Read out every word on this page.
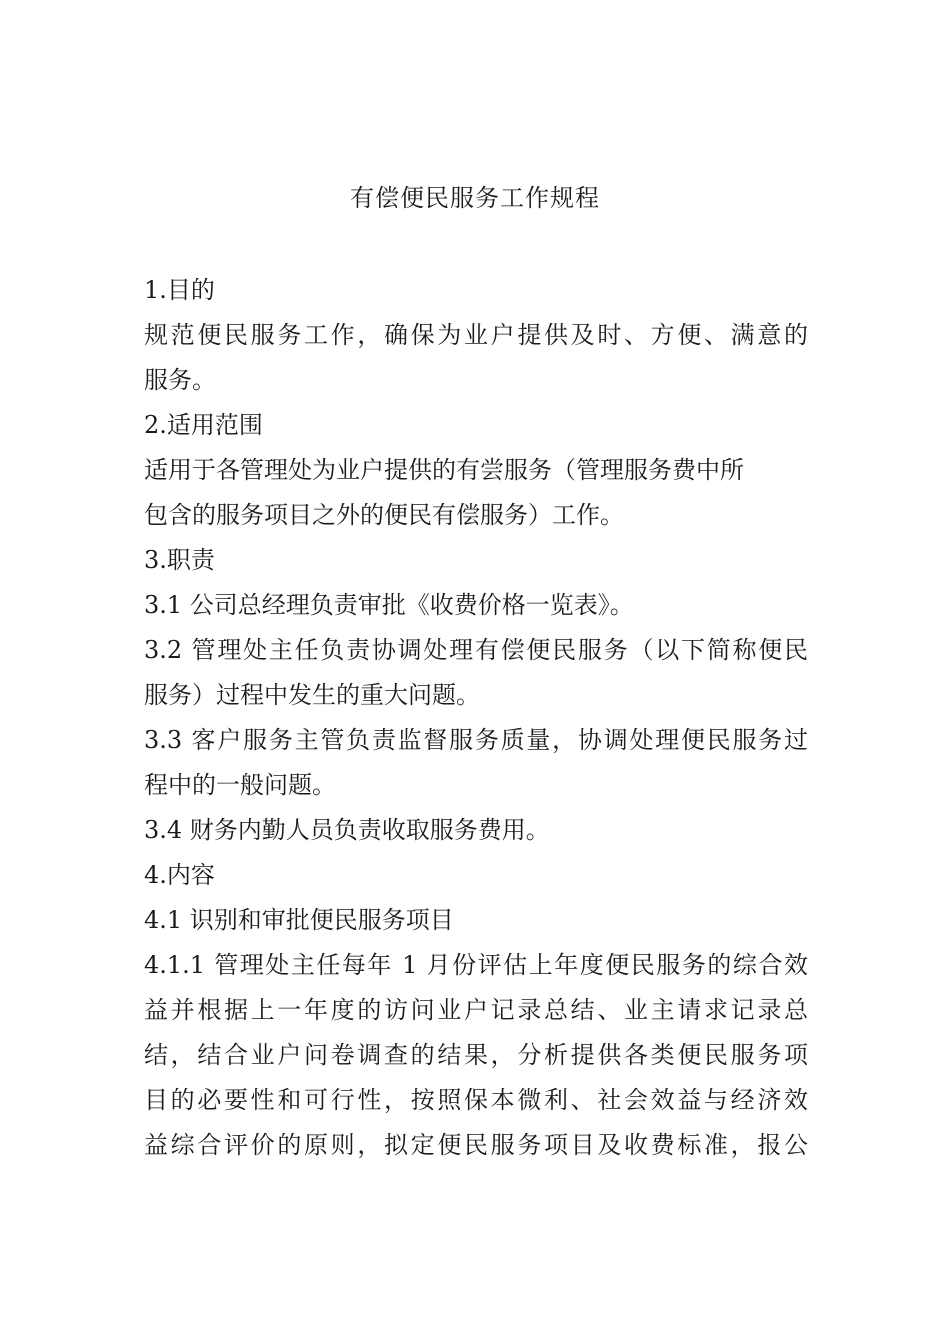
有偿便民服务工作规程
1.目的
规范便民服务工作，确保为业户提供及时、方便、满意的
服务。
2.适用范围
适用于各管理处为业户提供的有尝服务（管理服务费中所
包含的服务项目之外的便民有偿服务）工作。
3.职责
3.1 公司总经理负责审批《收费价格一览表》。
3.2 管理处主任负责协调处理有偿便民服务（以下简称便民
服务）过程中发生的重大问题。
3.3 客户服务主管负责监督服务质量，协调处理便民服务过
程中的一般问题。
3.4 财务内勤人员负责收取服务费用。
4.内容
4.1 识别和审批便民服务项目
4.1.1 管理处主任每年 1 月份评估上年度便民服务的综合效
益并根据上一年度的访问业户记录总结、业主请求记录总
结，结合业户问卷调查的结果，分析提供各类便民服务项
目的必要性和可行性，按照保本微利、社会效益与经济效
益综合评价的原则，拟定便民服务项目及收费标准，报公
